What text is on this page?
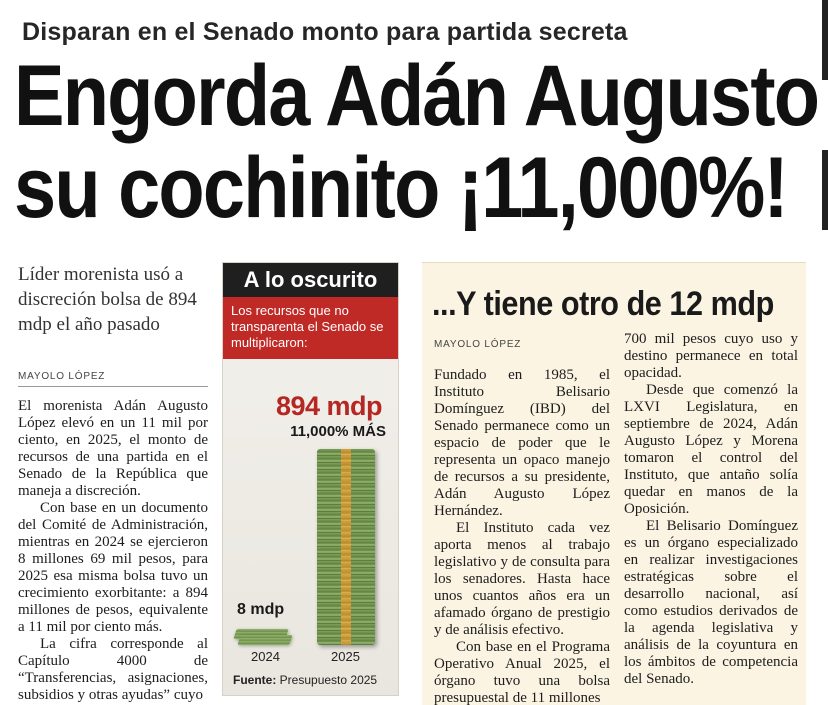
Disparan en el Senado monto para partida secreta
Engorda Adán Augusto
su cochinito ¡11,000%!
Líder morenista usó a discreción bolsa de 894 mdp el año pasado
MAYOLO LÓPEZ

El morenista Adán Augusto López elevó en un 11 mil por ciento, en 2025, el monto de recursos de una partida en el Senado de la República que maneja a discreción.

Con base en un documento del Comité de Administración, mientras en 2024 se ejercieron 8 millones 69 mil pesos, para 2025 esa misma bolsa tuvo un crecimiento exorbitante: a 894 millones de pesos, equivalente a 11 mil por ciento más.

La cifra corresponde al Capítulo 4000 de “Transferencias, asignaciones, subsidios y otras ayudas” cuyo

A lo oscurito
Los recursos que no transparenta el Senado se multiplicaron:
894 mdp
11,000% MÁS
8 mdp
2024	2025
Fuente: Presupuesto 2025
...Y tiene otro de 12 mdp
MAYOLO LÓPEZ

Fundado en 1985, el Instituto Belisario Domínguez (IBD) del Senado permanece como un espacio de poder que le representa un opaco manejo de recursos a su presidente, Adán Augusto López Hernández.

El Instituto cada vez aporta menos al trabajo legislativo y de consulta para los senadores. Hasta hace unos cuantos años era un afamado órgano de prestigio y de análisis efectivo.

Con base en el Programa Operativo Anual 2025, el órgano tuvo una bolsa presupuestal de 11 millones

700 mil pesos cuyo uso y destino permanece en total opacidad.

Desde que comenzó la LXVI Legislatura, en septiembre de 2024, Adán Augusto López y Morena tomaron el control del Instituto, que antaño solía quedar en manos de la Oposición.

El Belisario Domínguez es un órgano especializado en realizar investigaciones estratégicas sobre el desarrollo nacional, así como estudios derivados de la agenda legislativa y análisis de la coyuntura en los ámbitos de competencia del Senado.
